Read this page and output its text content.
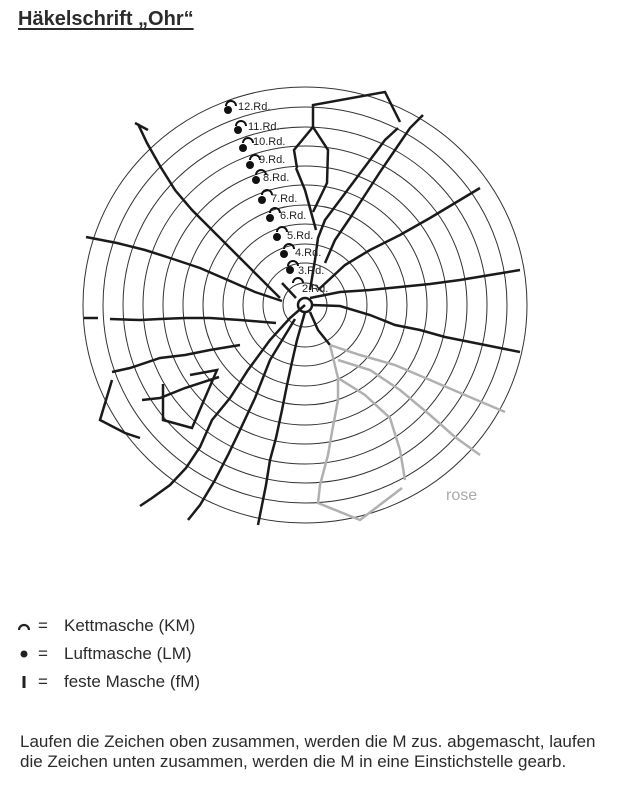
Häkelschrift „Ohr“
12.Rd.
11.Rd.
10.Rd.
9.Rd.
8.Rd.
7.Rd.
6.Rd.
5.Rd.
4.Rd.
3.Rd.
2.Rd.
rose
= Kettmasche (KM)
= Luftmasche (LM)
= feste Masche (fM)
Laufen die Zeichen oben zusammen, werden die M zus. abgemascht, laufen die Zeichen unten zusammen, werden die M in eine Einstichstelle gearb.
